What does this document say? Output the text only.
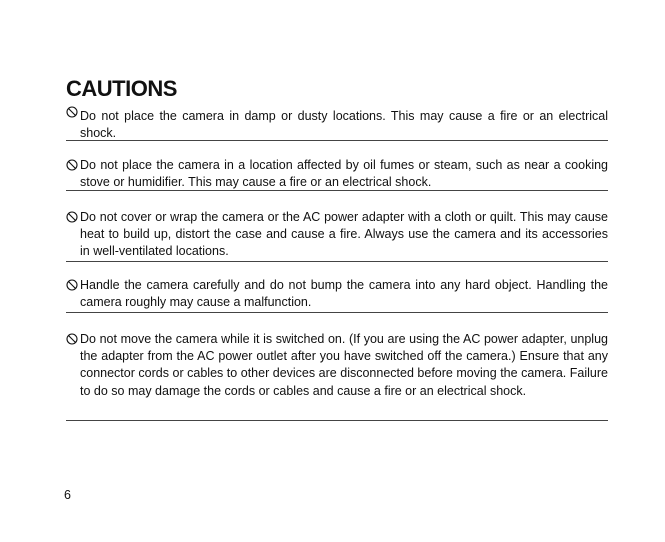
CAUTIONS
Do not place the camera in damp or dusty locations. This may cause a fire or an electrical shock.
Do not place the camera in a location affected by oil fumes or steam, such as near a cooking stove or humidifier. This may cause a fire or an electrical shock.
Do not cover or wrap the camera or the AC power adapter with a cloth or quilt. This may cause heat to build up, distort the case and cause a fire. Always use the camera and its accessories in well-ventilated locations.
Handle the camera carefully and do not bump the camera into any hard object. Handling the camera roughly may cause a malfunction.
Do not move the camera while it is switched on. (If you are using the AC power adapter, unplug the adapter from the AC power outlet after you have switched off the camera.) Ensure that any connector cords or cables to other devices are disconnected before moving the camera. Failure to do so may damage the cords or cables and cause a fire or an electrical shock.
6
